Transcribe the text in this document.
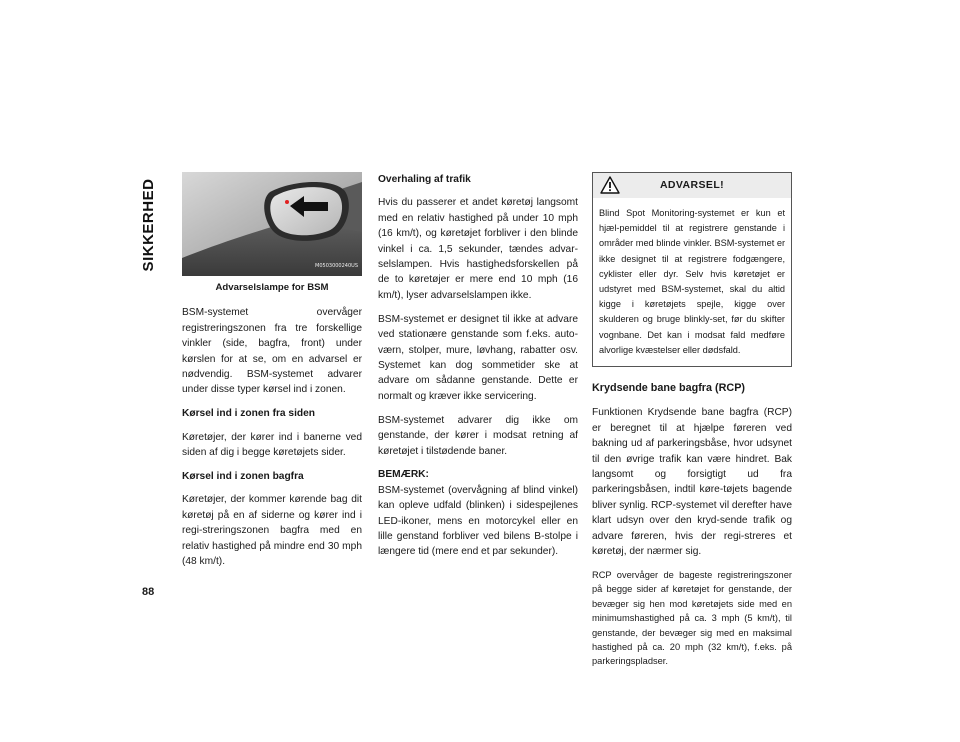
SIKKERHED
88
M0503000240US
Advarselslampe for BSM

BSM-systemet overvåger registreringszonen fra tre forskellige vinkler (side, bagfra, front) under kørslen for at se, om en advarsel er nødvendig. BSM-systemet advarer under disse typer kørsel ind i zonen.

Kørsel ind i zonen fra siden

Køretøjer, der kører ind i banerne ved siden af dig i begge køretøjets sider.

Kørsel ind i zonen bagfra

Køretøjer, der kommer kørende bag dit køretøj på en af siderne og kører ind i regi-streringszonen bagfra med en relativ hastighed på mindre end 30 mph (48 km/t).

Overhaling af trafik

Hvis du passerer et andet køretøj langsomt med en relativ hastighed på under 10 mph (16 km/t), og køretøjet forbliver i den blinde vinkel i ca. 1,5 sekunder, tændes advar-selslampen. Hvis hastighedsforskellen på de to køretøjer er mere end 10 mph (16 km/t), lyser advarselslampen ikke.

BSM-systemet er designet til ikke at advare ved stationære genstande som f.eks. auto-værn, stolper, mure, løvhang, rabatter osv. Systemet kan dog sommetider ske at advare om sådanne genstande. Dette er normalt og kræver ikke servicering.

BSM-systemet advarer dig ikke om genstande, der kører i modsat retning af køretøjet i tilstødende baner.

BEMÆRK:
BSM-systemet (overvågning af blind vinkel) kan opleve udfald (blinken) i sidespejlenes LED-ikoner, mens en motorcykel eller en lille genstand forbliver ved bilens B-stolpe i længere tid (mere end et par sekunder).

ADVARSEL!
Blind Spot Monitoring-systemet er kun et hjæl-pemiddel til at registrere genstande i områder med blinde vinkler. BSM-systemet er ikke designet til at registrere fodgængere, cyklister eller dyr. Selv hvis køretøjet er udstyret med BSM-systemet, skal du altid kigge i køretøjets spejle, kigge over skulderen og bruge blinkly-set, før du skifter vognbane. Det kan i modsat fald medføre alvorlige kvæstelser eller dødsfald.
Krydsende bane bagfra (RCP)

Funktionen Krydsende bane bagfra (RCP) er beregnet til at hjælpe føreren ved bakning ud af parkeringsbåse, hvor udsynet til den øvrige trafik kan være hindret. Bak langsomt og forsigtigt ud fra parkeringsbåsen, indtil køre-tøjets bagende bliver synlig. RCP-systemet vil derefter have klart udsyn over den kryd-sende trafik og advare føreren, hvis der regi-streres et køretøj, der nærmer sig.

RCP overvåger de bageste registreringszoner på begge sider af køretøjet for genstande, der bevæger sig hen mod køretøjets side med en minimumshastighed på ca. 3 mph (5 km/t), til genstande, der bevæger sig med en maksimal hastighed på ca. 20 mph (32 km/t), f.eks. på parkeringspladser.
